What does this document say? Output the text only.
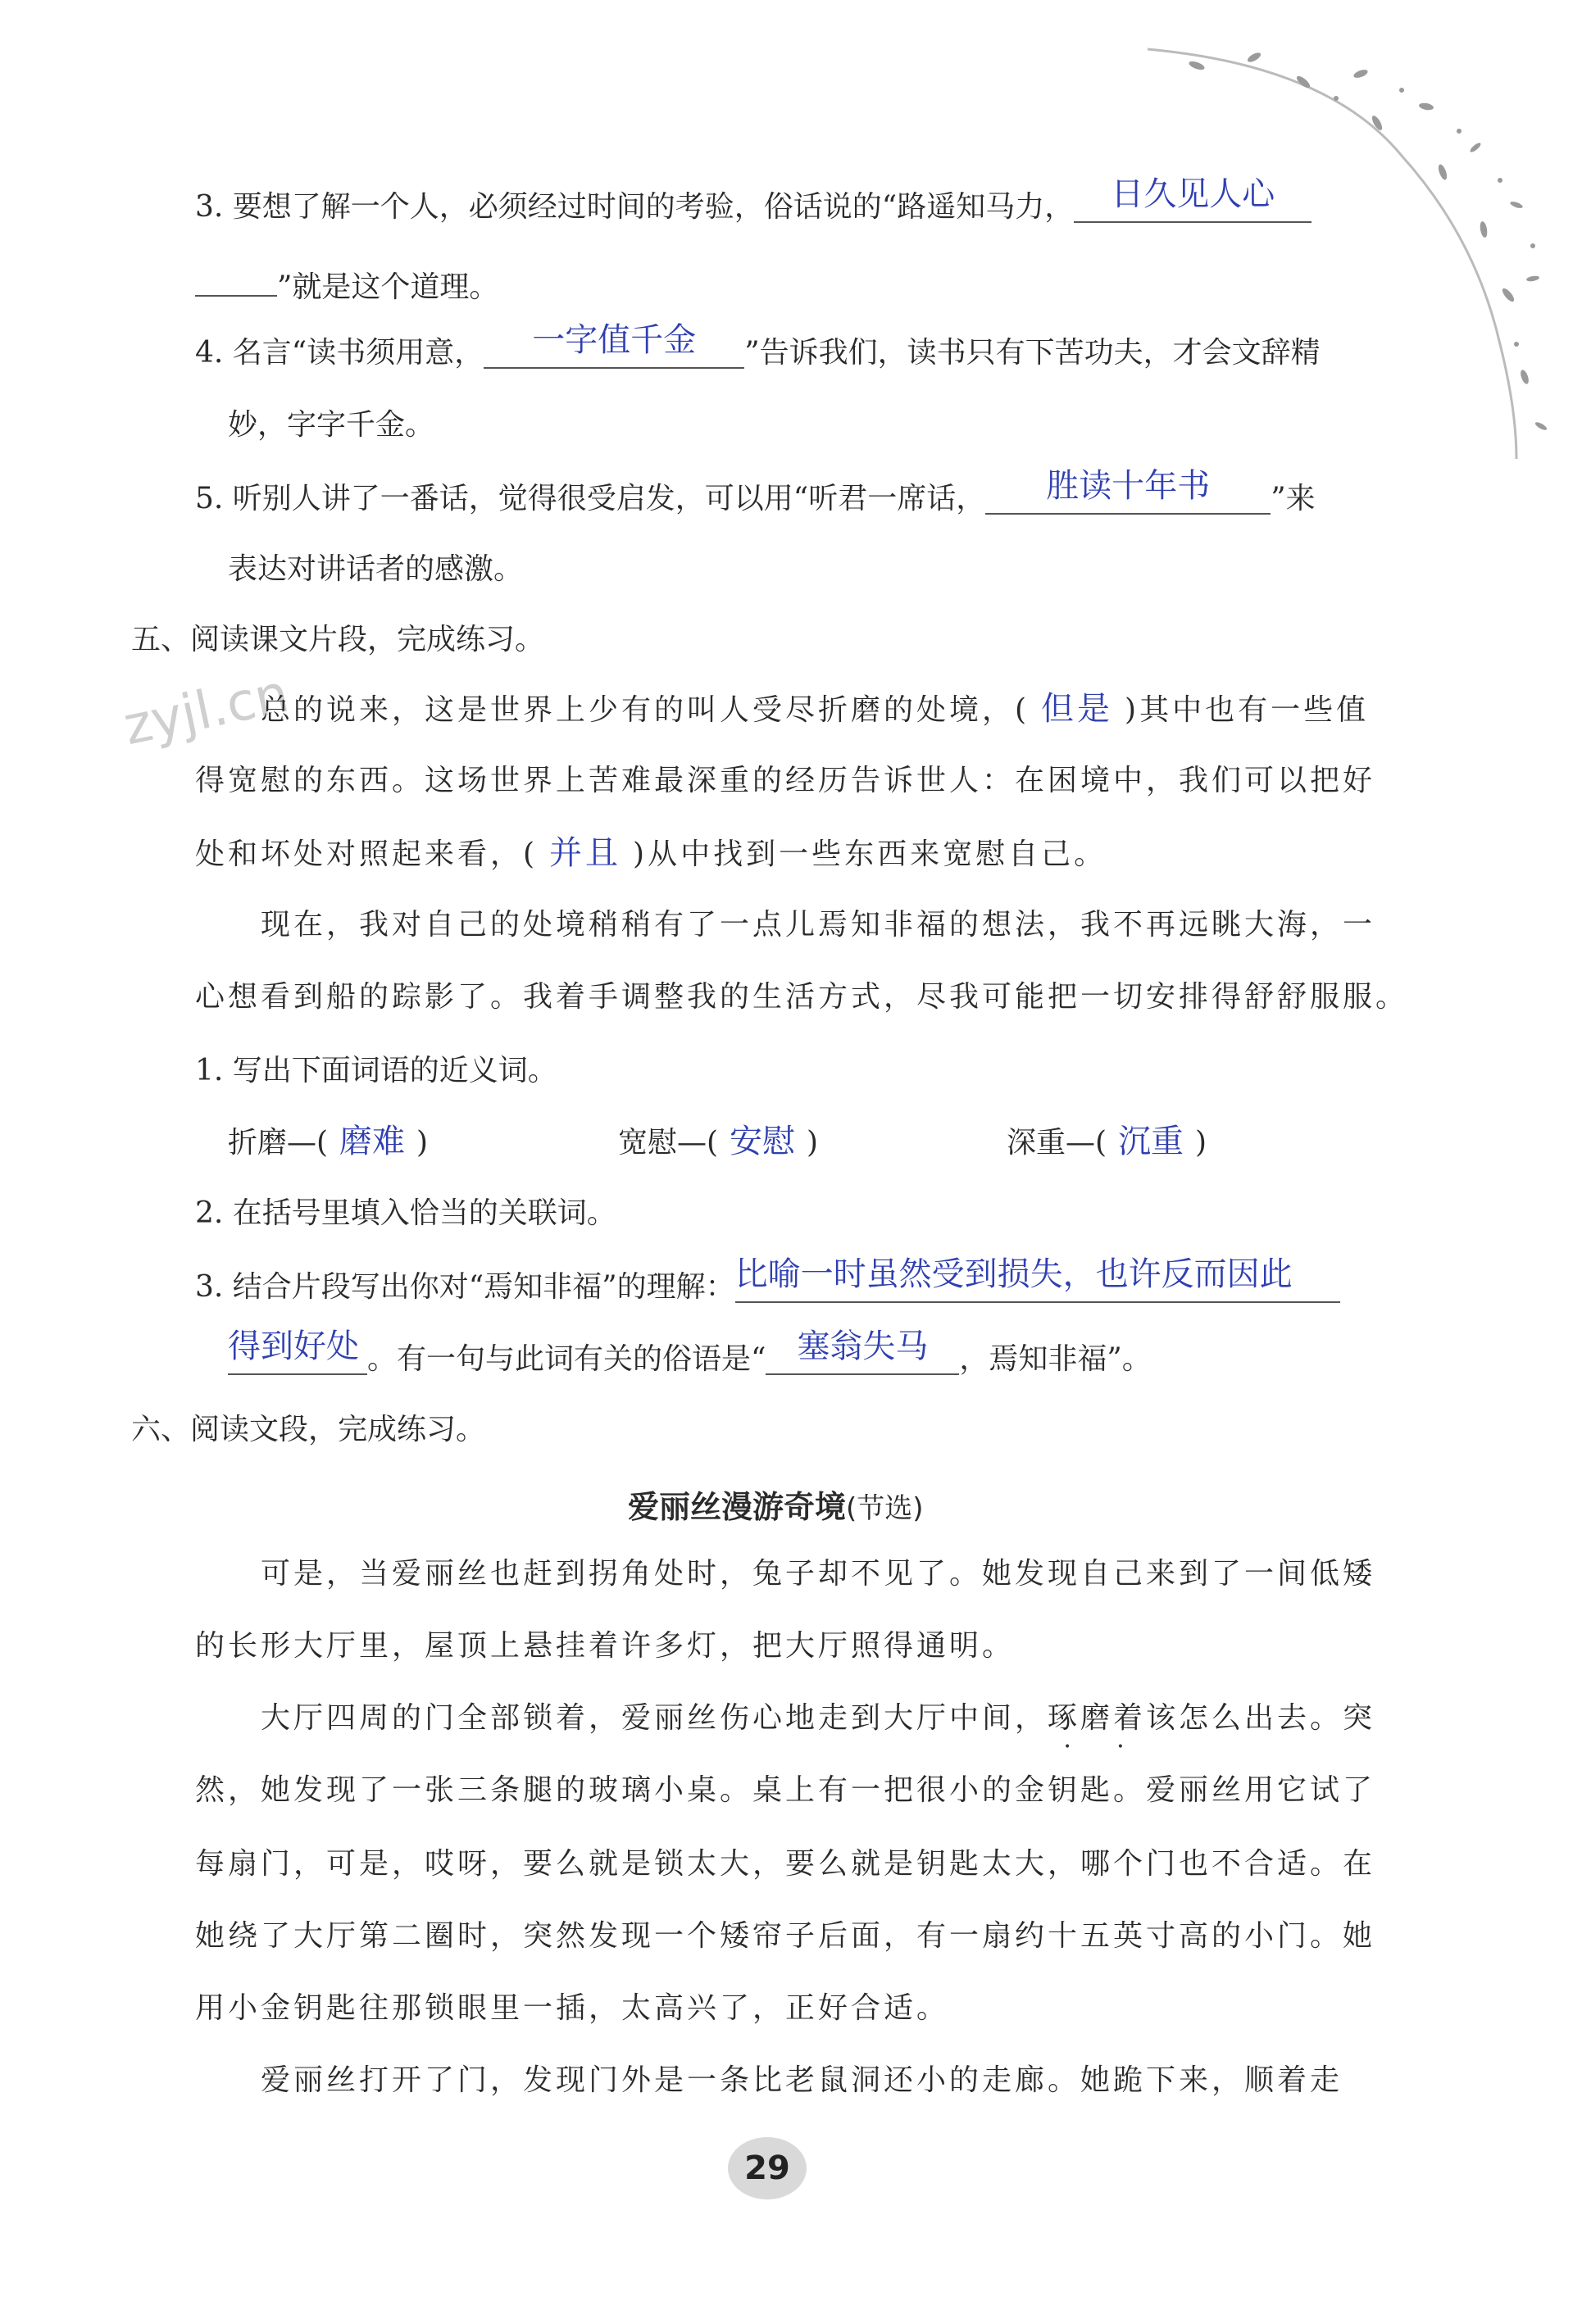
zyjl.cn
3. 要想了解一个人，必须经过时间的考验，俗话说的“路遥知马力， 日久见人心
”就是这个道理。
4. 名言“读书须用意， 一字值千金 ”告诉我们，读书只有下苦功夫，才会文辞精
妙，字字千金。
5. 听别人讲了一番话，觉得很受启发，可以用“听君一席话， 胜读十年书 ”来
表达对讲话者的感激。
五、阅读课文片段，完成练习。
总的说来，这是世界上少有的叫人受尽折磨的处境，( 但是 )其中也有一些值
得宽慰的东西。这场世界上苦难最深重的经历告诉世人：在困境中，我们可以把好
处和坏处对照起来看，( 并且 )从中找到一些东西来宽慰自己。
现在，我对自己的处境稍稍有了一点儿焉知非福的想法，我不再远眺大海，一
心想看到船的踪影了。我着手调整我的生活方式，尽我可能把一切安排得舒舒服服。
1. 写出下面词语的近义词。
折磨—( 磨难 )	宽慰—( 安慰 )	深重—( 沉重 )
2. 在括号里填入恰当的关联词。
3. 结合片段写出你对“焉知非福”的理解：比喻一时虽然受到损失，也许反而因此
得到好处 。有一句与此词有关的俗语是“ 塞翁失马 ，焉知非福”。
六、阅读文段，完成练习。
爱丽丝漫游奇境(节选)
可是，当爱丽丝也赶到拐角处时，兔子却不见了。她发现自己来到了一间低矮
的长形大厅里，屋顶上悬挂着许多灯，把大厅照得通明。
大厅四周的门全部锁着，爱丽丝伤心地走到大厅中间，琢磨着该怎么出去。突
然，她发现了一张三条腿的玻璃小桌。桌上有一把很小的金钥匙。爱丽丝用它试了
每扇门，可是，哎呀，要么就是锁太大，要么就是钥匙太大，哪个门也不合适。在
她绕了大厅第二圈时，突然发现一个矮帘子后面，有一扇约十五英寸高的小门。她
用小金钥匙往那锁眼里一插，太高兴了，正好合适。
爱丽丝打开了门，发现门外是一条比老鼠洞还小的走廊。她跪下来，顺着走
• •
29
